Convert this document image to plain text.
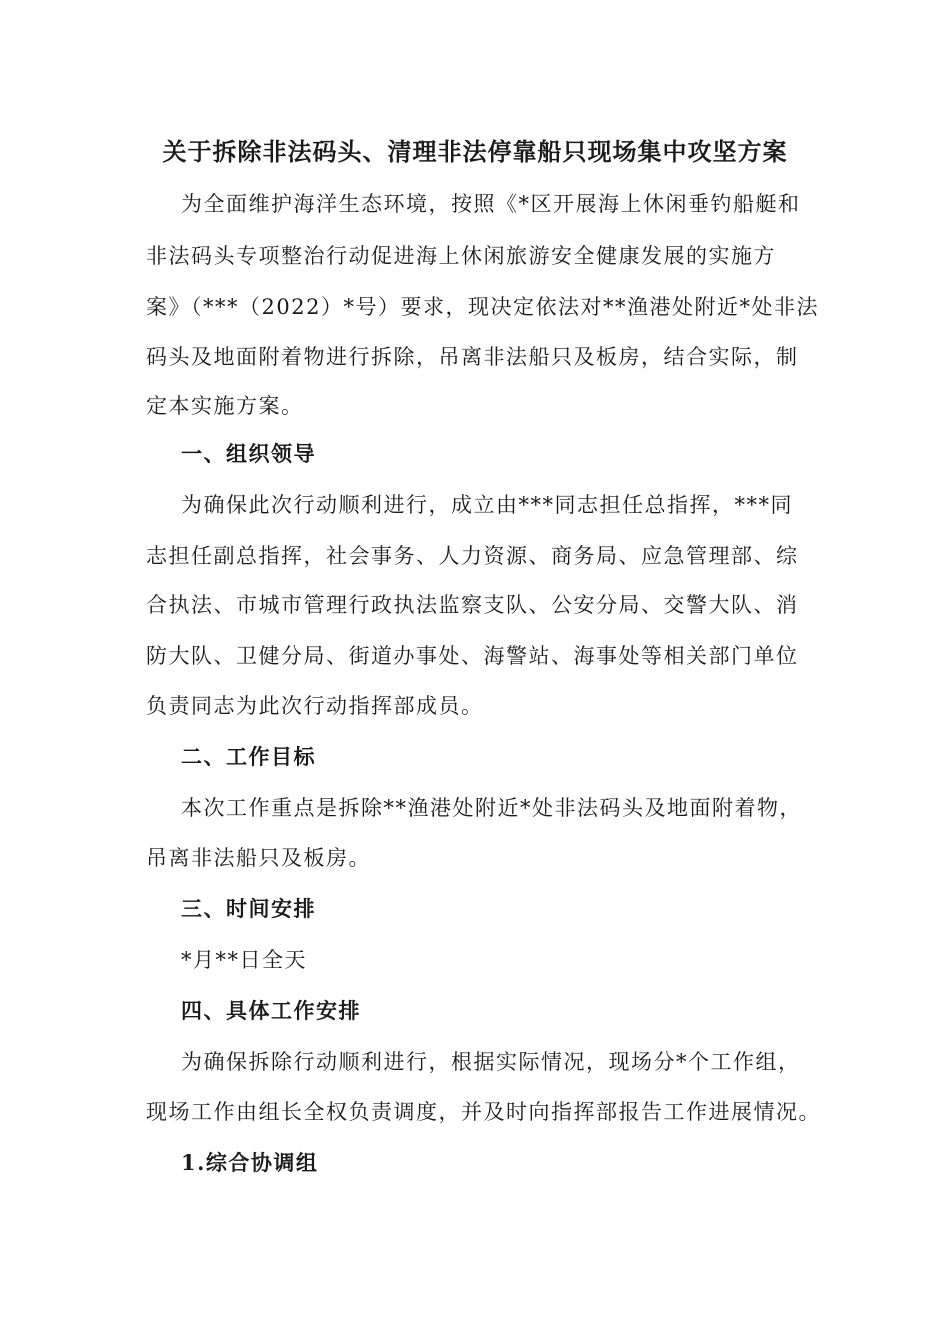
关于拆除非法码头、清理非法停靠船只现场集中攻坚方案
为全面维护海洋生态环境，按照《*区开展海上休闲垂钓船艇和
非法码头专项整治行动促进海上休闲旅游安全健康发展的实施方
案》（***（2022）*号）要求，现决定依法对**渔港处附近*处非法
码头及地面附着物进行拆除，吊离非法船只及板房，结合实际，制
定本实施方案。
一、组织领导
为确保此次行动顺利进行，成立由***同志担任总指挥，***同
志担任副总指挥，社会事务、人力资源、商务局、应急管理部、综
合执法、市城市管理行政执法监察支队、公安分局、交警大队、消
防大队、卫健分局、街道办事处、海警站、海事处等相关部门单位
负责同志为此次行动指挥部成员。
二、工作目标
本次工作重点是拆除**渔港处附近*处非法码头及地面附着物，
吊离非法船只及板房。
三、时间安排
*月**日全天
四、具体工作安排
为确保拆除行动顺利进行，根据实际情况，现场分*个工作组，
现场工作由组长全权负责调度，并及时向指挥部报告工作进展情况。
1.综合协调组
